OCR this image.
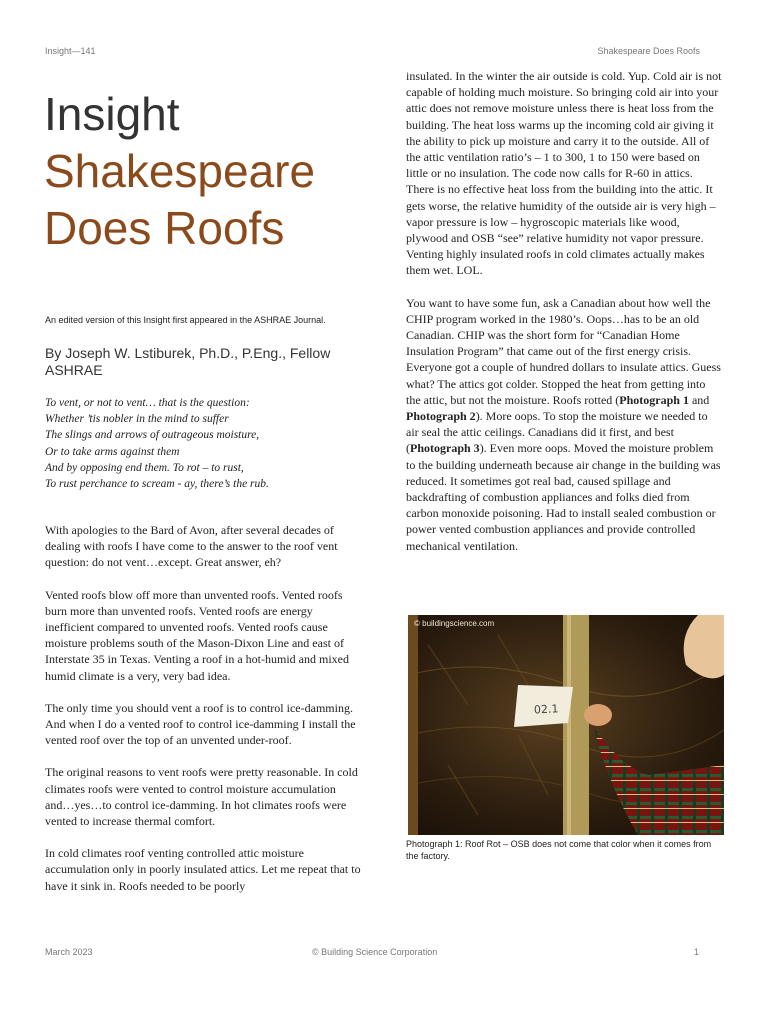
Insight—141	Shakespeare Does Roofs
Insight
Shakespeare
Does Roofs
An edited version of this Insight first appeared in the ASHRAE Journal.
By Joseph W. Lstiburek, Ph.D., P.Eng., Fellow ASHRAE
To vent, or not to vent… that is the question:
Whether ’tis nobler in the mind to suffer
The slings and arrows of outrageous moisture,
Or to take arms against them
And by opposing end them. To rot – to rust,
To rust perchance to scream - ay, there’s the rub.

With apologies to the Bard of Avon, after several decades of dealing with roofs I have come to the answer to the roof vent question: do not vent…except. Great answer, eh?

Vented roofs blow off more than unvented roofs. Vented roofs burn more than unvented roofs. Vented roofs are energy inefficient compared to unvented roofs. Vented roofs cause moisture problems south of the Mason-Dixon Line and east of Interstate 35 in Texas. Venting a roof in a hot-humid and mixed humid climate is a very, very bad idea.

The only time you should vent a roof is to control ice-damming. And when I do a vented roof to control ice-damming I install the vented roof over the top of an unvented under-roof.

The original reasons to vent roofs were pretty reasonable. In cold climates roofs were vented to control moisture accumulation and…yes…to control ice-damming. In hot climates roofs were vented to increase thermal comfort.

In cold climates roof venting controlled attic moisture accumulation only in poorly insulated attics. Let me repeat that to have it sink in. Roofs needed to be poorly

insulated. In the winter the air outside is cold. Yup. Cold air is not capable of holding much moisture. So bringing cold air into your attic does not remove moisture unless there is heat loss from the building. The heat loss warms up the incoming cold air giving it the ability to pick up moisture and carry it to the outside. All of the attic ventilation ratio’s – 1 to 300, 1 to 150 were based on little or no insulation. The code now calls for R-60 in attics. There is no effective heat loss from the building into the attic. It gets worse, the relative humidity of the outside air is very high – vapor pressure is low – hygroscopic materials like wood, plywood and OSB “see” relative humidity not vapor pressure. Venting highly insulated roofs in cold climates actually makes them wet. LOL.

You want to have some fun, ask a Canadian about how well the CHIP program worked in the 1980’s. Oops…has to be an old Canadian. CHIP was the short form for “Canadian Home Insulation Program” that came out of the first energy crisis. Everyone got a couple of hundred dollars to insulate attics. Guess what? The attics got colder. Stopped the heat from getting into the attic, but not the moisture. Roofs rotted (Photograph 1 and Photograph 2). More oops. To stop the moisture we needed to air seal the attic ceilings. Canadians did it first, and best (Photograph 3). Even more oops. Moved the moisture problem to the building underneath because air change in the building was reduced. It sometimes got real bad, caused spillage and backdrafting of combustion appliances and folks died from carbon monoxide poisoning. Had to install sealed combustion or power vented combustion appliances and provide controlled mechanical ventilation.

© buildingscience.com
02.1
Photograph 1: Roof Rot – OSB does not come that color when it comes from the factory.
March 2023	© Building Science Corporation	1
